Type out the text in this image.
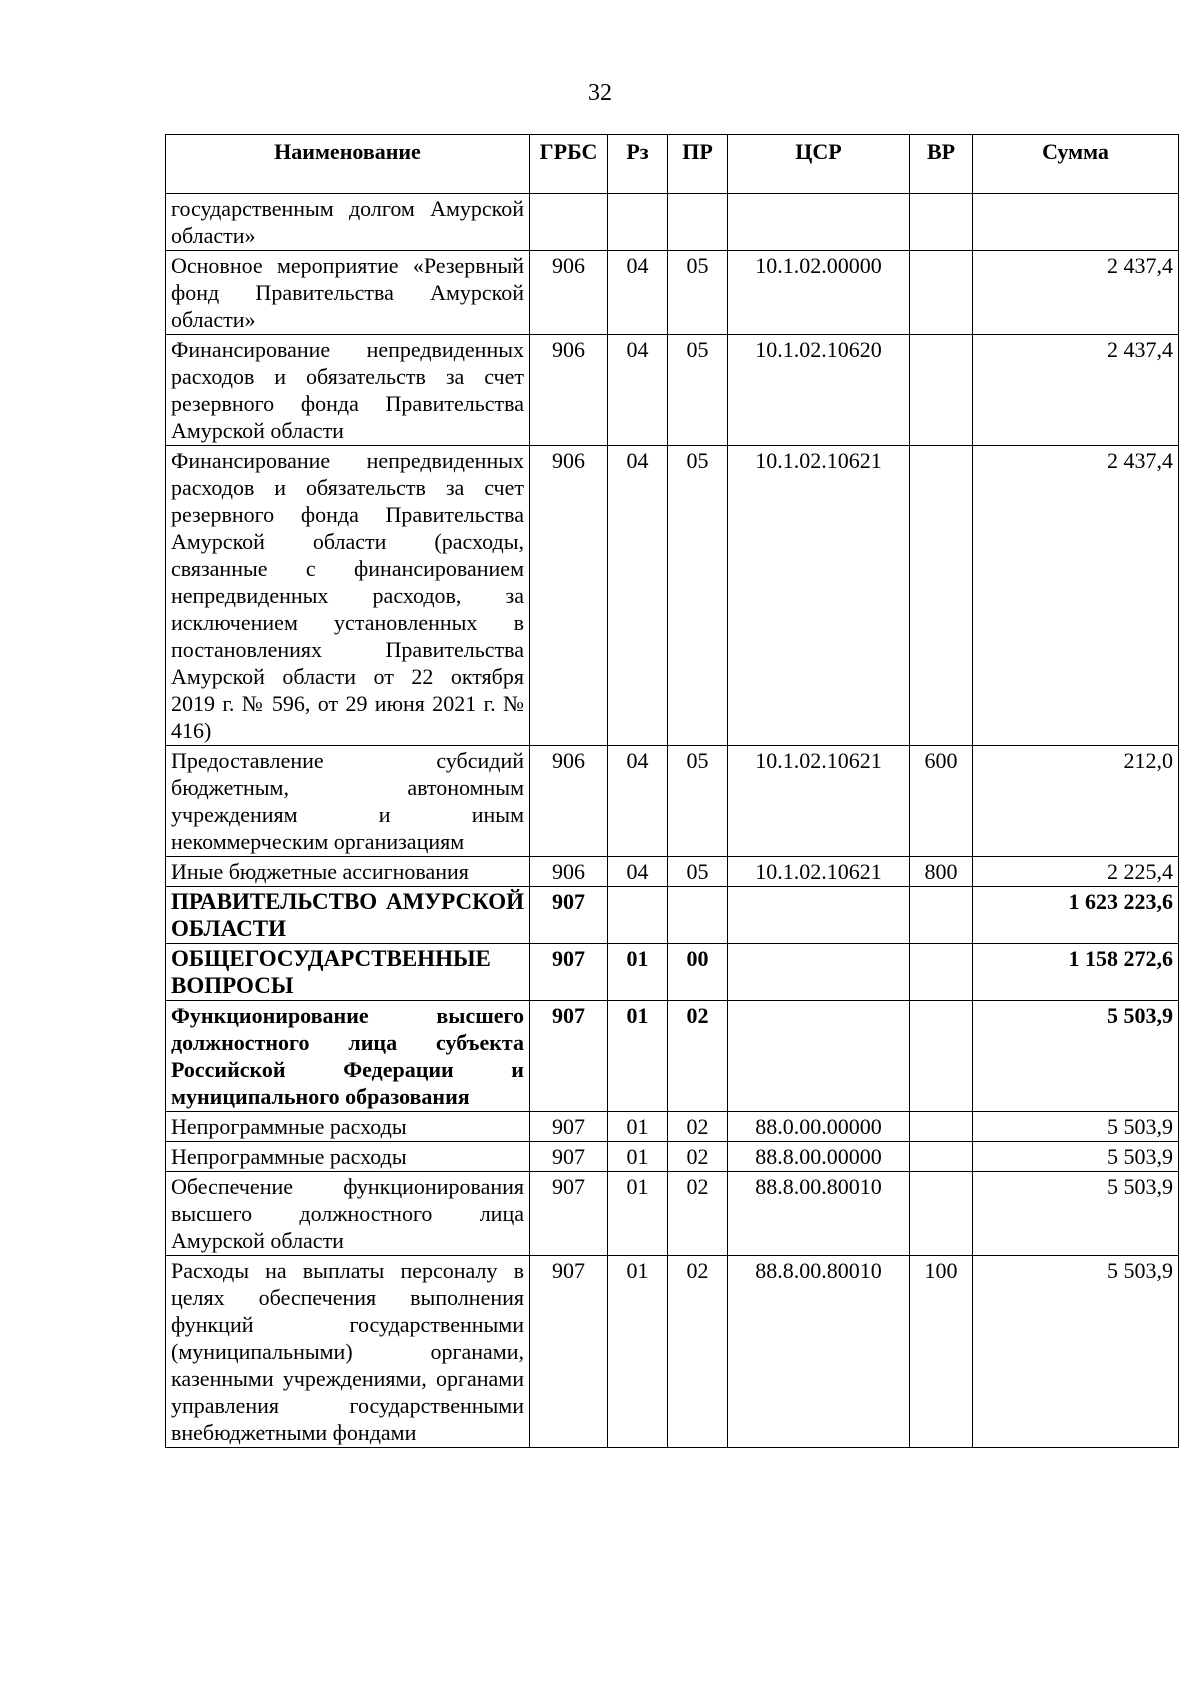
32
Наименование	ГРБС	Рз	ПР	ЦСР	ВР	Сумма
государственным долгом Амурской области»						
Основное мероприятие «Резервный фонд Правительства Амурской области»	906	04	05	10.1.02.00000		2 437,4
Финансирование непредвиденных расходов и обязательств за счет резервного фонда Правительства Амурской области	906	04	05	10.1.02.10620		2 437,4
Финансирование непредвиденных расходов и обязательств за счет резервного фонда Правительства Амурской области (расходы, связанные с финансированием непредвиденных расходов, за исключением установленных в постановлениях Правительства Амурской области от 22 октября 2019 г. № 596, от 29 июня 2021 г. № 416)	906	04	05	10.1.02.10621		2 437,4
Предоставление субсидий бюджетным, автономным учреждениям и иным некоммерческим организациям	906	04	05	10.1.02.10621	600	212,0
Иные бюджетные ассигнования	906	04	05	10.1.02.10621	800	2 225,4
ПРАВИТЕЛЬСТВО АМУРСКОЙ ОБЛАСТИ	907					1 623 223,6
ОБЩЕГОСУДАРСТВЕННЫЕ ВОПРОСЫ	907	01	00			1 158 272,6
Функционирование высшего должностного лица субъекта Российской Федерации и муниципального образования	907	01	02			5 503,9
Непрограммные расходы	907	01	02	88.0.00.00000		5 503,9
Непрограммные расходы	907	01	02	88.8.00.00000		5 503,9
Обеспечение функционирования высшего должностного лица Амурской области	907	01	02	88.8.00.80010		5 503,9
Расходы на выплаты персоналу в целях обеспечения выполнения функций государственными (муниципальными) органами, казенными учреждениями, органами управления государственными внебюджетными фондами	907	01	02	88.8.00.80010	100	5 503,9
